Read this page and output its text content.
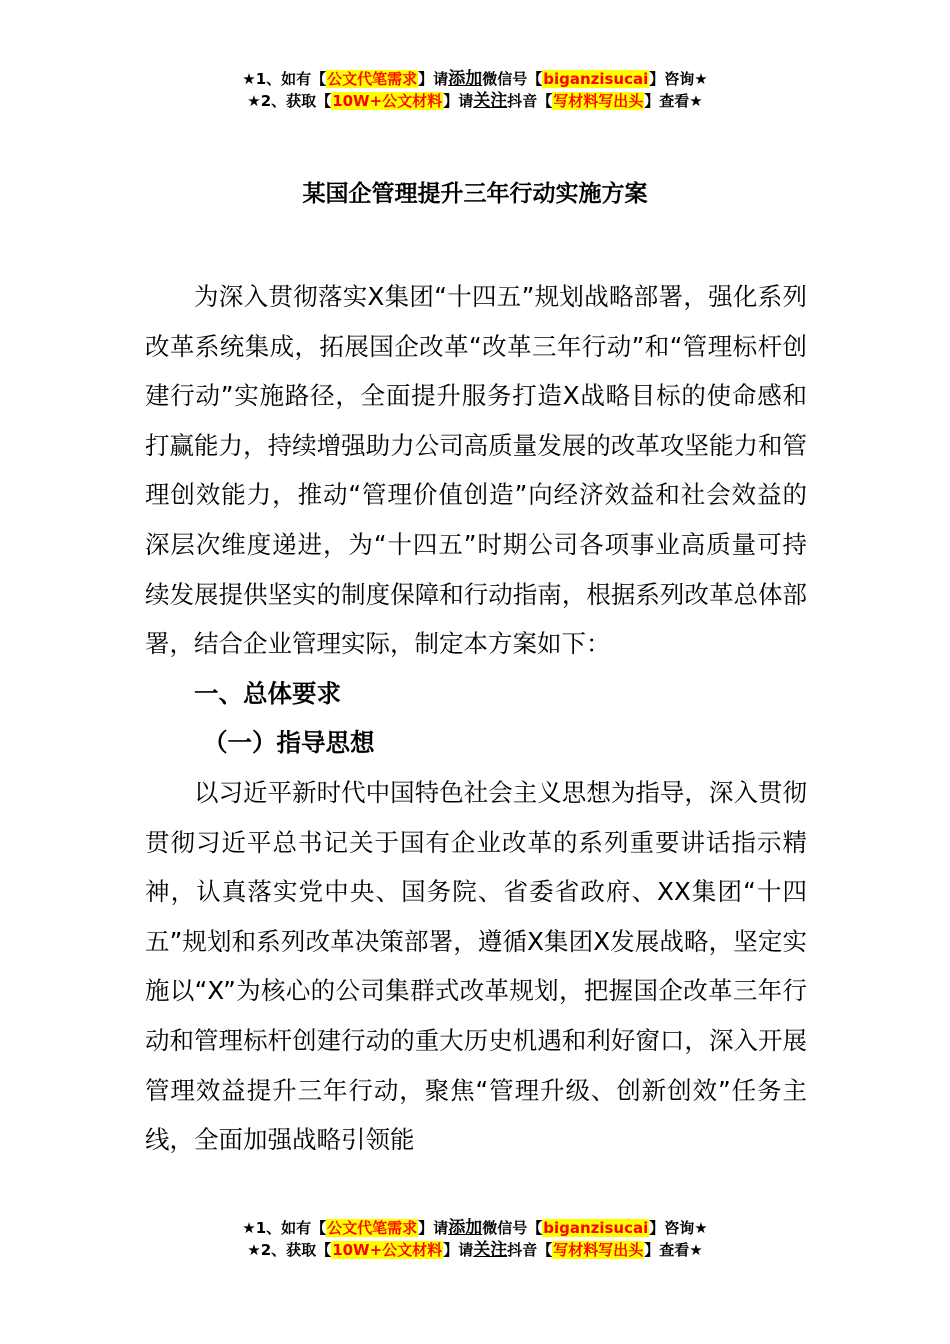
★1、如有【公文代笔需求】请添加微信号【biganzisucai】咨询★
★2、获取【10W+公文材料】请关注抖音【写材料写出头】查看★
某国企管理提升三年行动实施方案

为深入贯彻落实X集团“十四五”规划战略部署，强化系列改革系统集成，拓展国企改革“改革三年行动”和“管理标杆创建行动”实施路径，全面提升服务打造X战略目标的使命感和打赢能力，持续增强助力公司高质量发展的改革攻坚能力和管理创效能力，推动“管理价值创造”向经济效益和社会效益的深层次维度递进，为“十四五”时期公司各项事业高质量可持续发展提供坚实的制度保障和行动指南，根据系列改革总体部署，结合企业管理实际，制定本方案如下：

一、总体要求
（一）指导思想

以习近平新时代中国特色社会主义思想为指导，深入贯彻贯彻习近平总书记关于国有企业改革的系列重要讲话指示精神，认真落实党中央、国务院、省委省政府、XX集团“十四五”规划和系列改革决策部署，遵循X集团X发展战略，坚定实施以“X”为核心的公司集群式改革规划，把握国企改革三年行动和管理标杆创建行动的重大历史机遇和利好窗口，深入开展管理效益提升三年行动，聚焦“管理升级、创新创效”任务主线，全面加强战略引领能

★1、如有【公文代笔需求】请添加微信号【biganzisucai】咨询★
★2、获取【10W+公文材料】请关注抖音【写材料写出头】查看★
